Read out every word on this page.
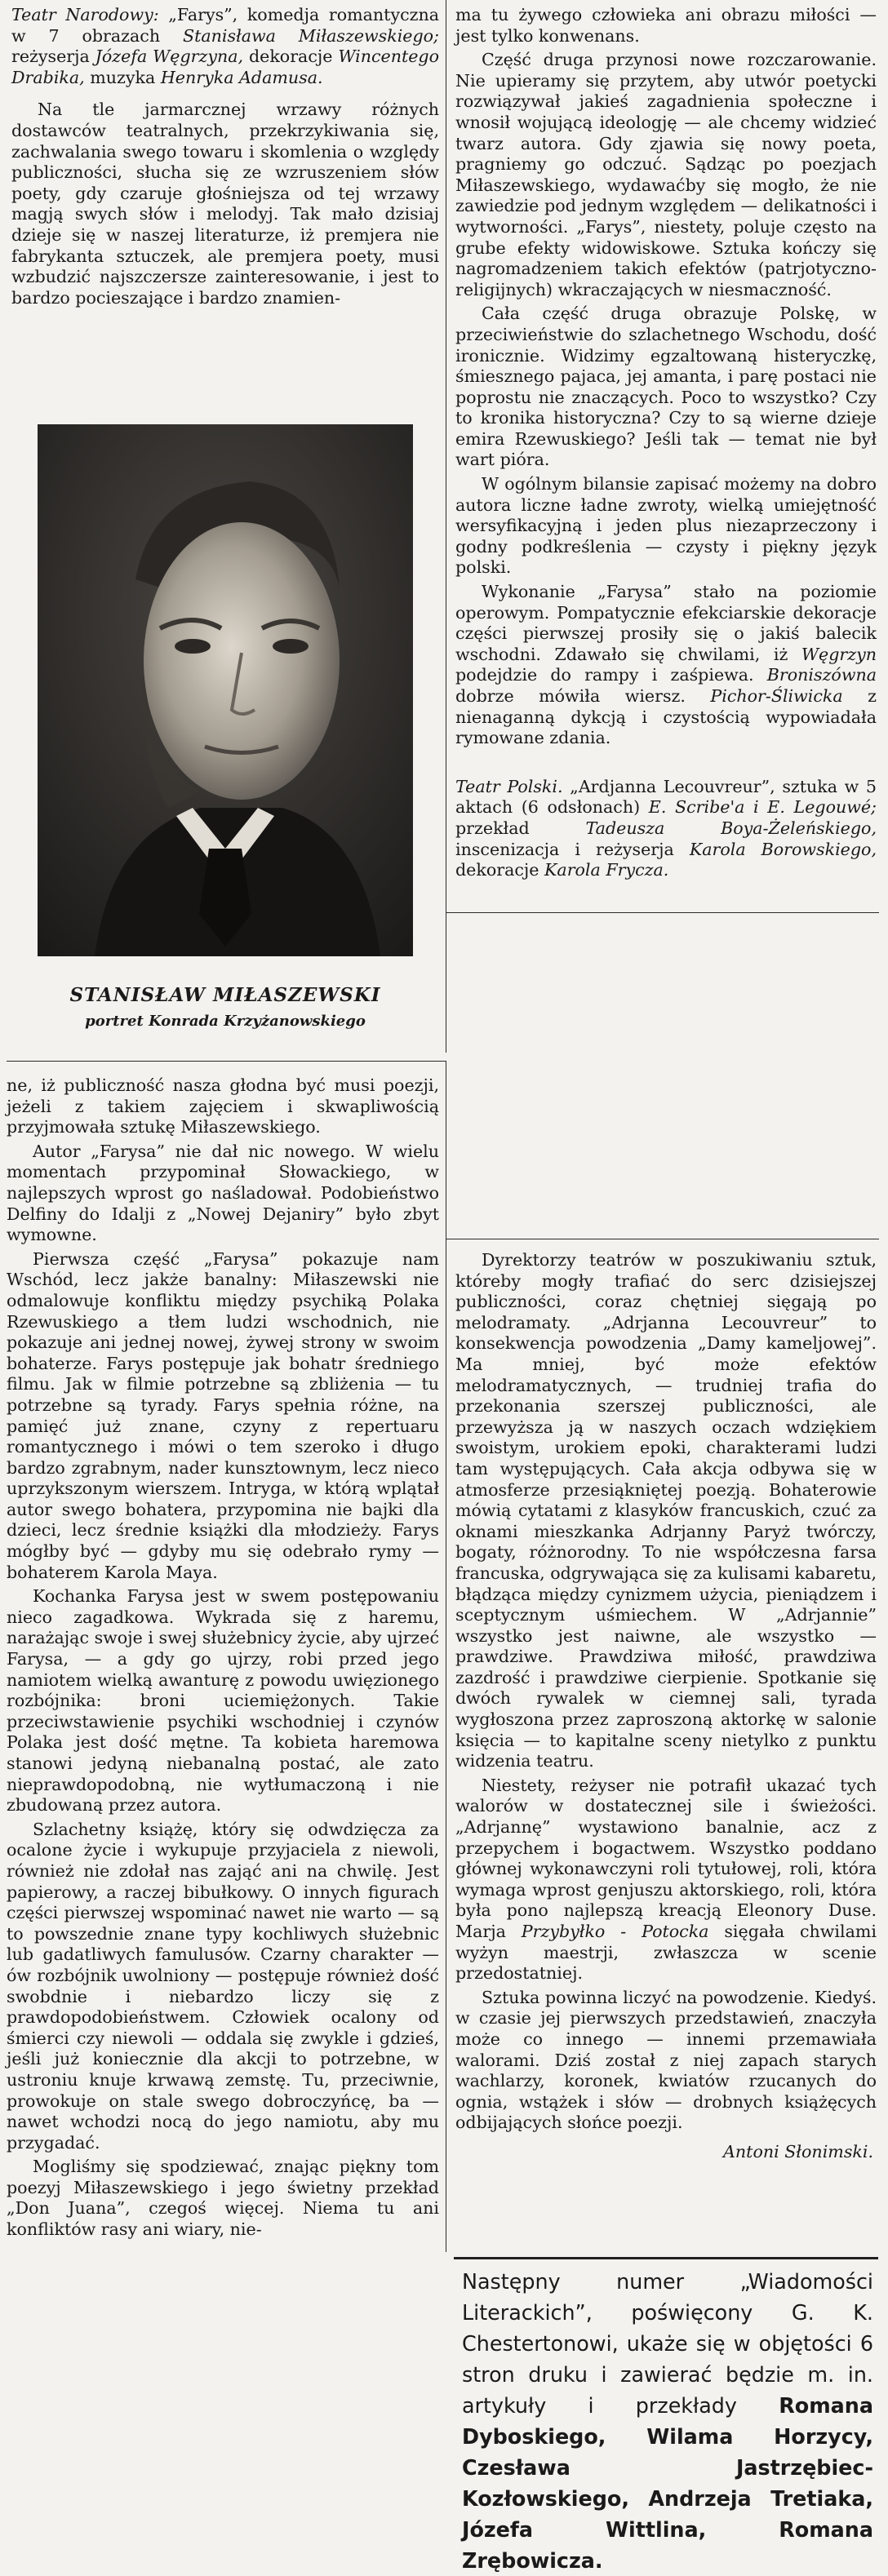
Teatr Narodowy: „Farys”, komedja romantyczna w 7 obrazach Stanisława Miłaszewskiego; reżyserja Józefa Węgrzyna, dekoracje Wincentego Drabika, muzyka Henryka Adamusa.

Na tle jarmarcznej wrzawy różnych dostawców teatralnych, przekrzykiwania się, zachwalania swego towaru i skomlenia o względy publiczności, słucha się ze wzruszeniem słów poety, gdy czaruje głośniejsza od tej wrzawy magją swych słów i melodyj. Tak mało dzisiaj dzieje się w naszej literaturze, iż premjera nie fabrykanta sztuczek, ale premjera poety, musi wzbudzić najszczersze zainteresowanie, i jest to bardzo pocieszające i bardzo znamien-

STANISŁAW MIŁASZEWSKI
portret Konrada Krzyżanowskiego

ne, iż publiczność nasza głodna być musi poezji, jeżeli z takiem zajęciem i skwapliwością przyjmowała sztukę Miłaszewskiego.

Autor „Farysa” nie dał nic nowego. W wielu momentach przypominał Słowackiego, w najlepszych wprost go naśladował. Podobieństwo Delfiny do Idalji z „Nowej Dejaniry” było zbyt wymowne.

Pierwsza część „Farysa” pokazuje nam Wschód, lecz jakże banalny: Miłaszewski nie odmalowuje konfliktu między psychiką Polaka Rzewuskiego a tłem ludzi wschodnich, nie pokazuje ani jednej nowej, żywej strony w swoim bohaterze. Farys postępuje jak bohatr średniego filmu. Jak w filmie potrzebne są zbliżenia — tu potrzebne są tyrady. Farys spełnia różne, na pamięć już znane, czyny z repertuaru romantycznego i mówi o tem szeroko i długo bardzo zgrabnym, nader kunsztownym, lecz nieco uprzykszonym wierszem. Intryga, w którą wplątał autor swego bohatera, przypomina nie bajki dla dzieci, lecz średnie książki dla młodzieży. Farys mógłby być — gdyby mu się odebrało rymy — bohaterem Karola Maya.

Kochanka Farysa jest w swem postępowaniu nieco zagadkowa. Wykrada się z haremu, narażając swoje i swej służebnicy życie, aby ujrzeć Farysa, — a gdy go ujrzy, robi przed jego namiotem wielką awanturę z powodu uwięzionego rozbójnika: broni uciemiężonych. Takie przeciwstawienie psychiki wschodniej i czynów Polaka jest dość mętne. Ta kobieta haremowa stanowi jedyną niebanalną postać, ale zato nieprawdopodobną, nie wytłumaczoną i nie zbudowaną przez autora.

Szlachetny książę, który się odwdzięcza za ocalone życie i wykupuje przyjaciela z niewoli, również nie zdołał nas zająć ani na chwilę. Jest papierowy, a raczej bibułkowy. O innych figurach części pierwszej wspominać nawet nie warto — są to powszednie znane typy kochliwych służebnic lub gadatliwych famulusów. Czarny charakter — ów rozbójnik uwolniony — postępuje również dość swobdnie i niebardzo liczy się z prawdopodobieństwem. Człowiek ocalony od śmierci czy niewoli — oddala się zwykle i gdzieś, jeśli już koniecznie dla akcji to potrzebne, w ustroniu knuje krwawą zemstę. Tu, przeciwnie, prowokuje on stale swego dobroczyńcę, ba — nawet wchodzi nocą do jego namiotu, aby mu przygadać.

Mogliśmy się spodziewać, znając piękny tom poezyj Miłaszewskiego i jego świetny przekład „Don Juana”, czegoś więcej. Niema tu ani konfliktów rasy ani wiary, nie-

ma tu żywego człowieka ani obrazu miłości — jest tylko konwenans.

Część druga przynosi nowe rozczarowanie. Nie upieramy się przytem, aby utwór poetycki rozwiązywał jakieś zagadnienia społeczne i wnosił wojującą ideologję — ale chcemy widzieć twarz autora. Gdy zjawia się nowy poeta, pragniemy go odczuć. Sądząc po poezjach Miłaszewskiego, wydawaćby się mogło, że nie zawiedzie pod jednym względem — delikatności i wytworności. „Farys”, niestety, poluje często na grube efekty widowiskowe. Sztuka kończy się nagromadzeniem takich efektów (patrjotyczno-religijnych) wkraczających w niesmaczność.

Cała część druga obrazuje Polskę, w przeciwieństwie do szlachetnego Wschodu, dość ironicznie. Widzimy egzaltowaną histeryczkę, śmiesznego pajaca, jej amanta, i parę postaci nie poprostu nie znaczących. Poco to wszystko? Czy to kronika historyczna? Czy to są wierne dzieje emira Rzewuskiego? Jeśli tak — temat nie był wart pióra.

W ogólnym bilansie zapisać możemy na dobro autora liczne ładne zwroty, wielką umiejętność wersyfikacyjną i jeden plus niezaprzeczony i godny podkreślenia — czysty i piękny język polski.

Wykonanie „Farysa” stało na poziomie operowym. Pompatycznie efekciarskie dekoracje części pierwszej prosiły się o jakiś balecik wschodni. Zdawało się chwilami, iż Węgrzyn podejdzie do rampy i zaśpiewa. Broniszówna dobrze mówiła wiersz. Pichor-Śliwicka z nienaganną dykcją i czystością wypowiadała rymowane zdania.

Teatr Polski. „Ardjanna Lecouvreur”, sztuka w 5 aktach (6 odsłonach) E. Scribe'a i E. Legouwé; przekład Tadeusza Boya-Żeleńskiego, inscenizacja i reżyserja Karola Borowskiego, dekoracje Karola Frycza.

Dyrektorzy teatrów w poszukiwaniu sztuk, któreby mogły trafiać do serc dzisiejszej publiczności, coraz chętniej sięgają po melodramaty. „Adrjanna Lecouvreur” to konsekwencja powodzenia „Damy kameljowej”. Ma mniej, być może efektów melodramatycznych, — trudniej trafia do przekonania szerszej publiczności, ale przewyższa ją w naszych oczach wdziękiem swoistym, urokiem epoki, charakterami ludzi tam występujących. Cała akcja odbywa się w atmosferze przesiąkniętej poezją. Bohaterowie mówią cytatami z klasyków francuskich, czuć za oknami mieszkanka Adrjanny Paryż twórczy, bogaty, różnorodny. To nie współczesna farsa francuska, odgrywająca się za kulisami kabaretu, błądząca między cynizmem użycia, pieniądzem i sceptycznym uśmiechem. W „Adrjannie” wszystko jest naiwne, ale wszystko — prawdziwe. Prawdziwa miłość, prawdziwa zazdrość i prawdziwe cierpienie. Spotkanie się dwóch rywalek w ciemnej sali, tyrada wygłoszona przez zaproszoną aktorkę w salonie księcia — to kapitalne sceny nietylko z punktu widzenia teatru.

Niestety, reżyser nie potrafił ukazać tych walorów w dostatecznej sile i świeżości. „Adrjannę” wystawiono banalnie, acz z przepychem i bogactwem. Wszystko poddano głównej wykonawczyni roli tytułowej, roli, która wymaga wprost genjuszu aktorskiego, roli, która była pono najlepszą kreacją Eleonory Duse. Marja Przybyłko - Potocka sięgała chwilami wyżyn maestrji, zwłaszcza w scenie przedostatniej.

Sztuka powinna liczyć na powodzenie. Kiedyś. w czasie jej pierwszych przedstawień, znaczyła może co innego — innemi przemawiała walorami. Dziś został z niej zapach starych wachlarzy, koronek, kwiatów rzucanych do ognia, wstążek i słów — drobnych książęcych odbijających słońce poezji.

Antoni Słonimski.
Następny numer „Wiadomości Literackich”, poświęcony G. K. Chestertonowi, ukaże się w objętości 6 stron druku i zawierać będzie m. in. artykuły i przekłady Romana Dyboskiego, Wilama Horzycy, Czesława Jastrzębiec-Kozłowskiego, Andrzeja Tretiaka, Józefa Wittlina, Romana Zrębowicza.
